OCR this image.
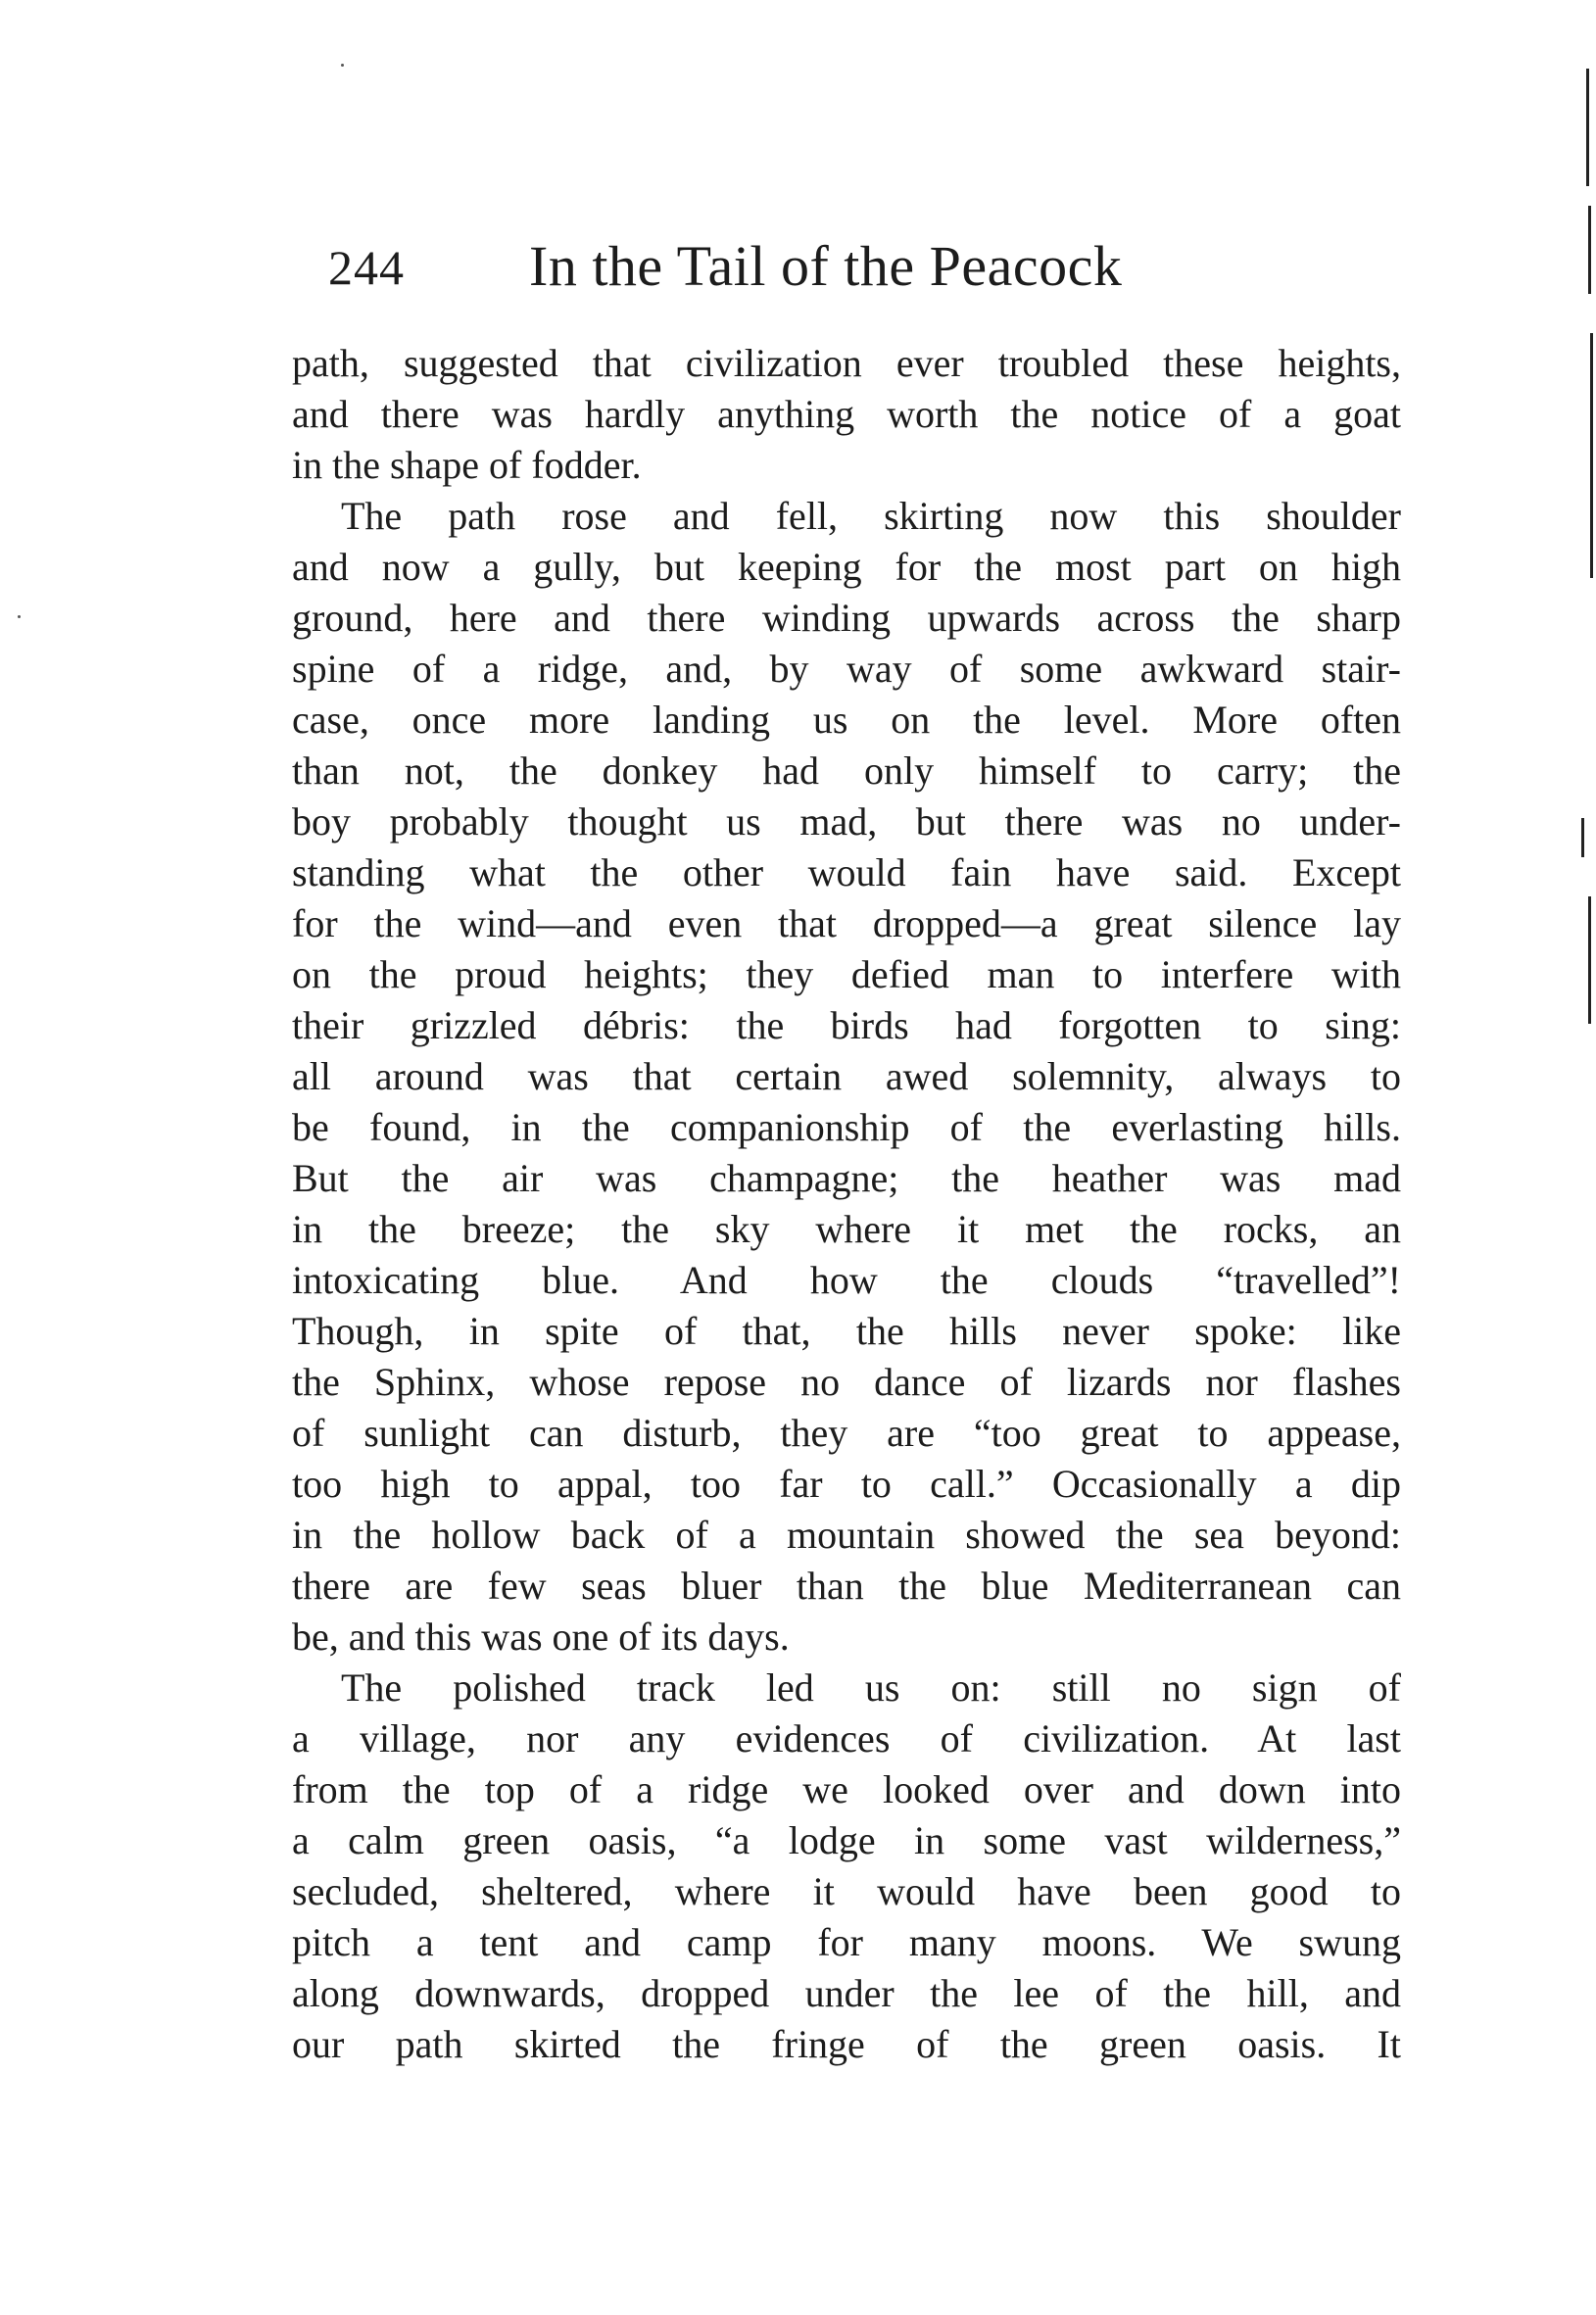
244 In the Tail of the Peacock
path, suggested that civilization ever troubled these heights,
and there was hardly anything worth the notice of a goat
in the shape of fodder.
The path rose and fell, skirting now this shoulder
and now a gully, but keeping for the most part on high
ground, here and there winding upwards across the sharp
spine of a ridge, and, by way of some awkward stair-
case, once more landing us on the level. More often
than not, the donkey had only himself to carry; the
boy probably thought us mad, but there was no under-
standing what the other would fain have said. Except
for the wind—and even that dropped—a great silence lay
on the proud heights; they defied man to interfere with
their grizzled débris: the birds had forgotten to sing:
all around was that certain awed solemnity, always to
be found, in the companionship of the everlasting hills.
But the air was champagne; the heather was mad
in the breeze; the sky where it met the rocks, an
intoxicating blue. And how the clouds “travelled”!
Though, in spite of that, the hills never spoke: like
the Sphinx, whose repose no dance of lizards nor flashes
of sunlight can disturb, they are “too great to appease,
too high to appal, too far to call.” Occasionally a dip
in the hollow back of a mountain showed the sea beyond:
there are few seas bluer than the blue Mediterranean can
be, and this was one of its days.
The polished track led us on: still no sign of
a village, nor any evidences of civilization. At last
from the top of a ridge we looked over and down into
a calm green oasis, “a lodge in some vast wilderness,”
secluded, sheltered, where it would have been good to
pitch a tent and camp for many moons. We swung
along downwards, dropped under the lee of the hill, and
our path skirted the fringe of the green oasis. It
